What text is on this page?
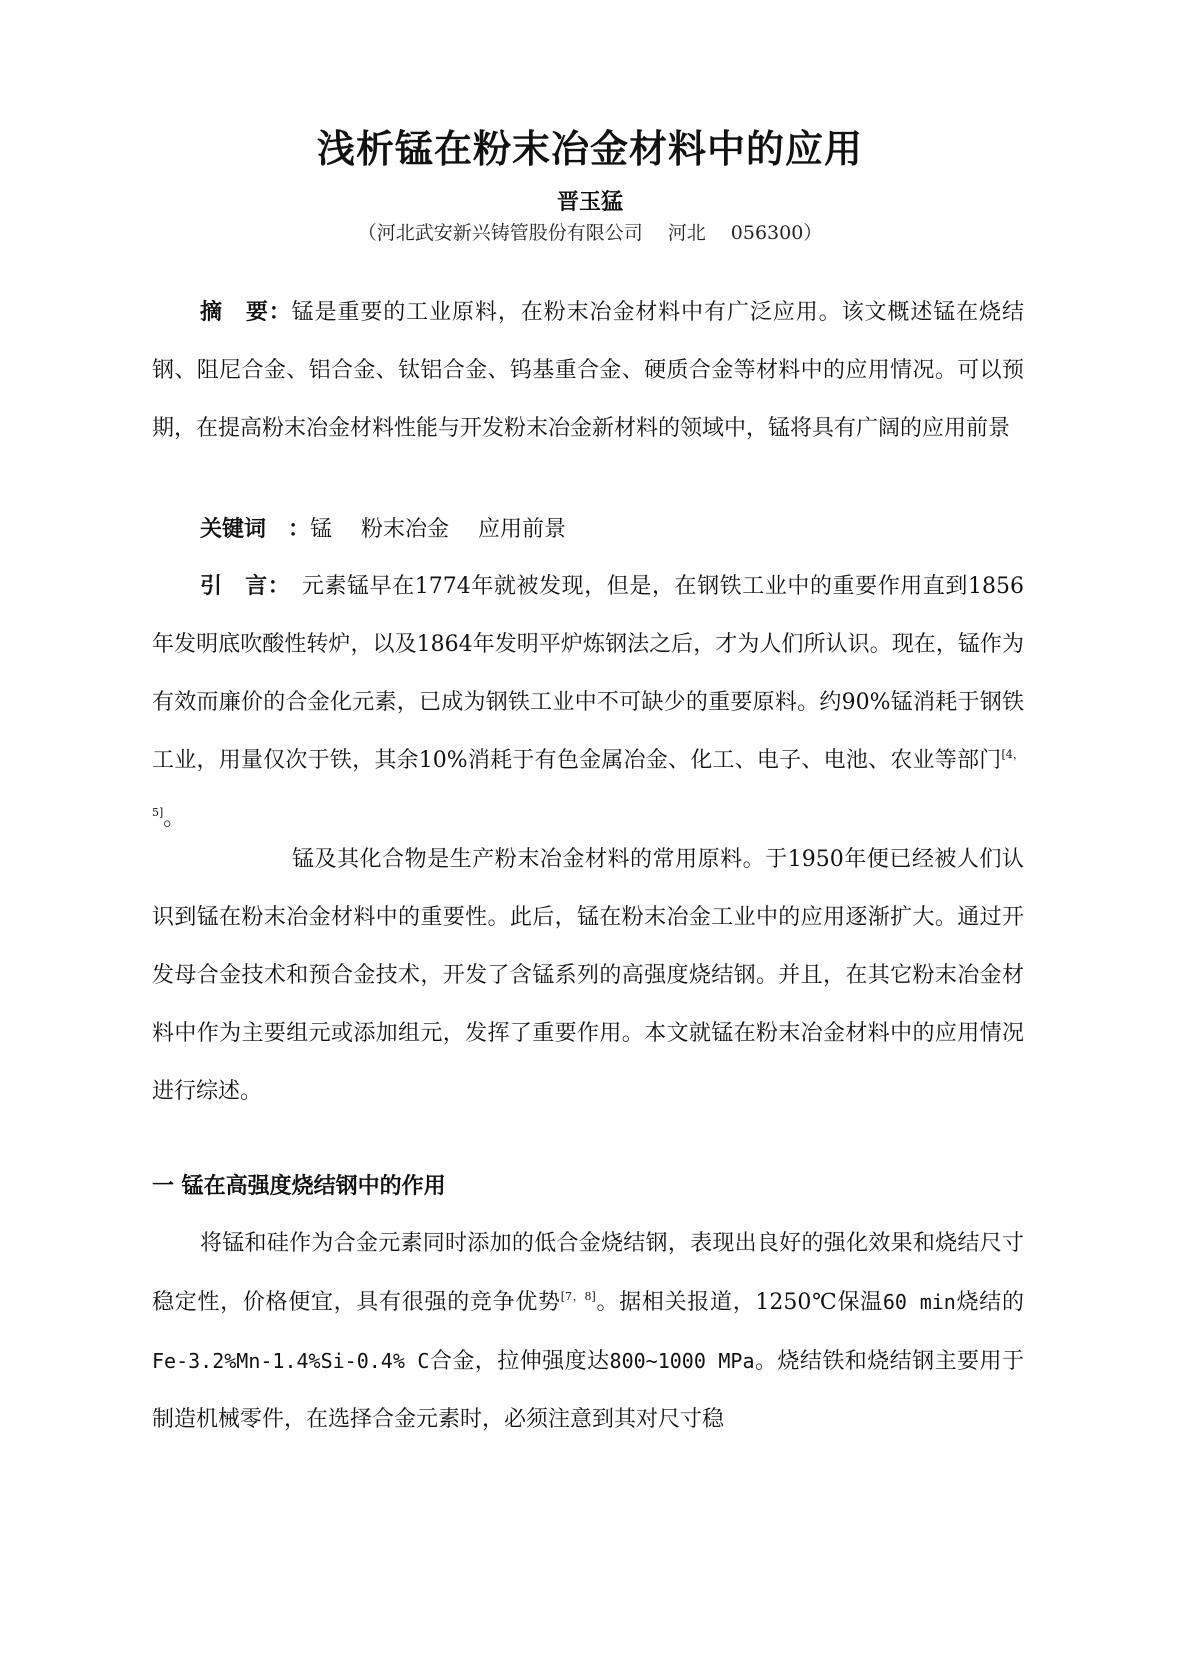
浅析锰在粉末冶金材料中的应用
晋玉猛
（河北武安新兴铸管股份有限公司　 河北　 056300）

摘　要：锰是重要的工业原料，在粉末冶金材料中有广泛应用。该文概述锰在烧结钢、阻尼合金、铝合金、钛铝合金、钨基重合金、硬质合金等材料中的应用情况。可以预期，在提高粉末冶金材料性能与开发粉末冶金新材料的领域中，锰将具有广阔的应用前景

关键词　：锰　 粉末冶金　 应用前景

引　言：　元素锰早在1774年就被发现，但是，在钢铁工业中的重要作用直到1856年发明底吹酸性转炉，以及1864年发明平炉炼钢法之后，才为人们所认识。现在，锰作为有效而廉价的合金化元素，已成为钢铁工业中不可缺少的重要原料。约90%锰消耗于钢铁工业，用量仅次于铁，其余10%消耗于有色金属冶金、化工、电子、电池、农业等部门[4，5]。

锰及其化合物是生产粉末冶金材料的常用原料。于1950年便已经被人们认识到锰在粉末冶金材料中的重要性。此后，锰在粉末冶金工业中的应用逐渐扩大。通过开发母合金技术和预合金技术，开发了含锰系列的高强度烧结钢。并且，在其它粉末冶金材料中作为主要组元或添加组元，发挥了重要作用。本文就锰在粉末冶金材料中的应用情况进行综述。

一 锰在高强度烧结钢中的作用

将锰和硅作为合金元素同时添加的低合金烧结钢，表现出良好的强化效果和烧结尺寸稳定性，价格便宜，具有很强的竞争优势[7，8]。据相关报道，1250℃保温60 min烧结的Fe-3.2%Mn-1.4%Si-0.4% C合金，拉伸强度达800~1000 MPa。烧结铁和烧结钢主要用于制造机械零件，在选择合金元素时，必须注意到其对尺寸稳
